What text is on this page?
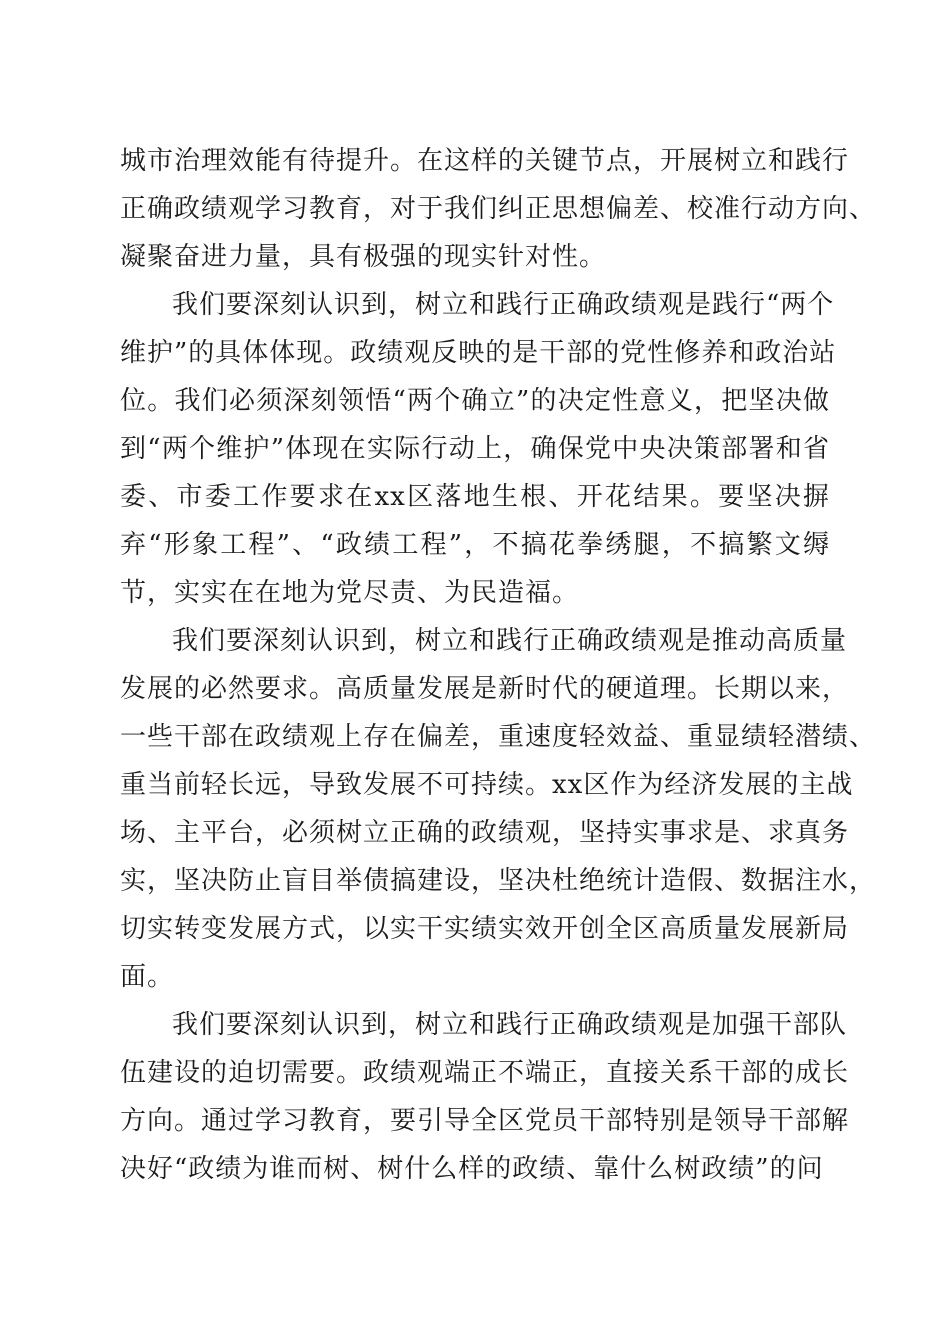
城市治理效能有待提升。在这样的关键节点，开展树立和践行
正确政绩观学习教育，对于我们纠正思想偏差、校准行动方向、
凝聚奋进力量，具有极强的现实针对性。
我们要深刻认识到，树立和践行正确政绩观是践行“两个
维护”的具体体现。政绩观反映的是干部的党性修养和政治站
位。我们必须深刻领悟“两个确立”的决定性意义，把坚决做
到“两个维护”体现在实际行动上，确保党中央决策部署和省
委、市委工作要求在xx区落地生根、开花结果。要坚决摒
弃“形象工程”、“政绩工程”，不搞花拳绣腿，不搞繁文缛
节，实实在在地为党尽责、为民造福。
我们要深刻认识到，树立和践行正确政绩观是推动高质量
发展的必然要求。高质量发展是新时代的硬道理。长期以来，
一些干部在政绩观上存在偏差，重速度轻效益、重显绩轻潜绩、
重当前轻长远，导致发展不可持续。xx区作为经济发展的主战
场、主平台，必须树立正确的政绩观，坚持实事求是、求真务
实，坚决防止盲目举债搞建设，坚决杜绝统计造假、数据注水，
切实转变发展方式，以实干实绩实效开创全区高质量发展新局
面。
我们要深刻认识到，树立和践行正确政绩观是加强干部队
伍建设的迫切需要。政绩观端正不端正，直接关系干部的成长
方向。通过学习教育，要引导全区党员干部特别是领导干部解
决好“政绩为谁而树、树什么样的政绩、靠什么树政绩”的问
